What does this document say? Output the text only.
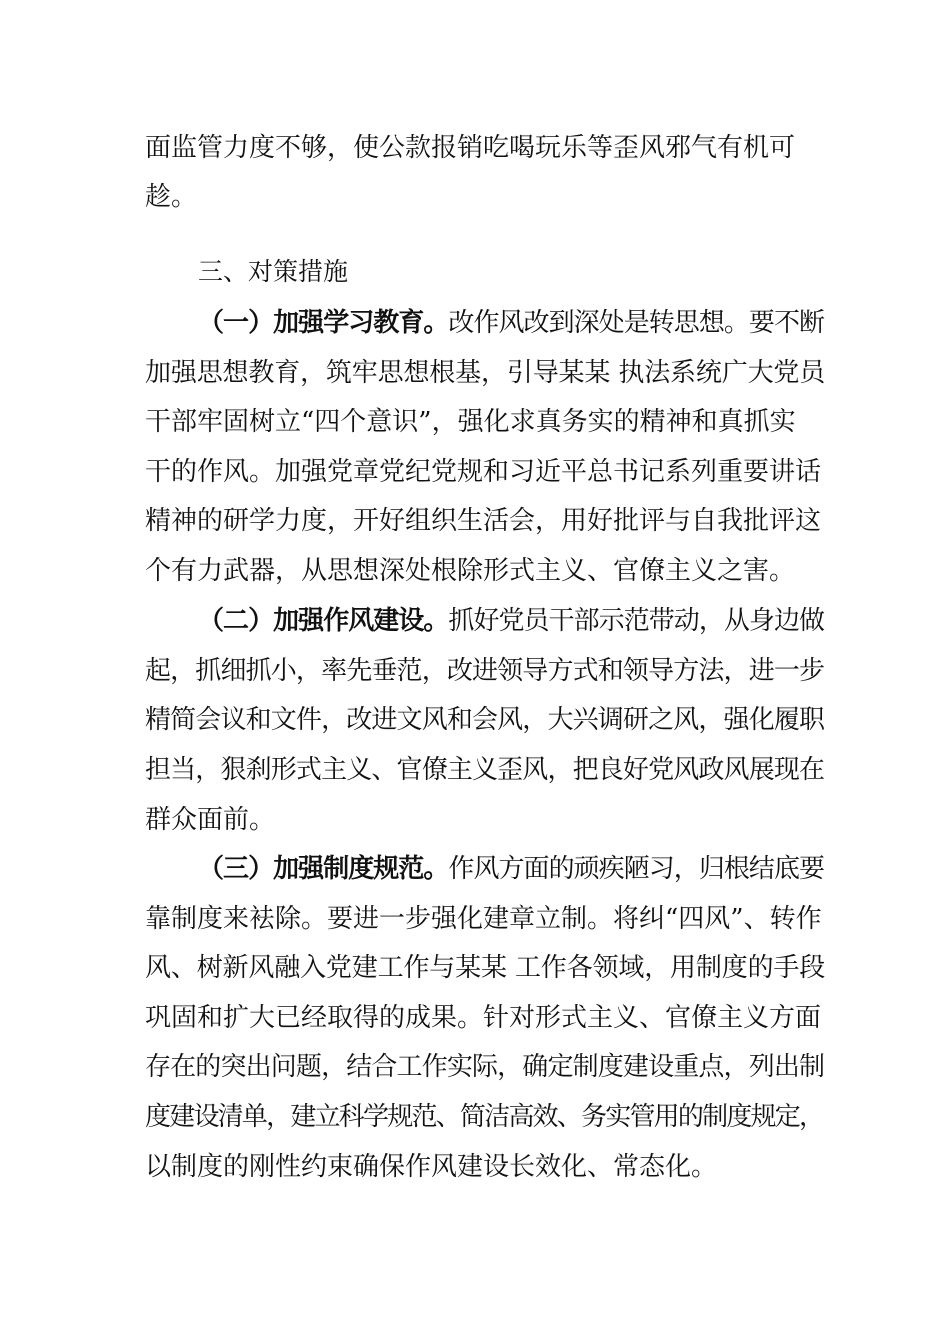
面监管力度不够，使公款报销吃喝玩乐等歪风邪气有机可
趁。
三、对策措施
（一）加强学习教育。改作风改到深处是转思想。要不断
加强思想教育，筑牢思想根基，引导某某 执法系统广大党员
干部牢固树立“四个意识”，强化求真务实的精神和真抓实
干的作风。加强党章党纪党规和习近平总书记系列重要讲话
精神的研学力度，开好组织生活会，用好批评与自我批评这
个有力武器，从思想深处根除形式主义、官僚主义之害。
（二）加强作风建设。抓好党员干部示范带动，从身边做
起，抓细抓小，率先垂范，改进领导方式和领导方法，进一步
精简会议和文件，改进文风和会风，大兴调研之风，强化履职
担当，狠刹形式主义、官僚主义歪风，把良好党风政风展现在
群众面前。
（三）加强制度规范。作风方面的顽疾陋习，归根结底要
靠制度来袪除。要进一步强化建章立制。将纠“四风”、转作
风、树新风融入党建工作与某某 工作各领域，用制度的手段
巩固和扩大已经取得的成果。针对形式主义、官僚主义方面
存在的突出问题，结合工作实际，确定制度建设重点，列出制
度建设清单，建立科学规范、简洁高效、务实管用的制度规定，
以制度的刚性约束确保作风建设长效化、常态化。
